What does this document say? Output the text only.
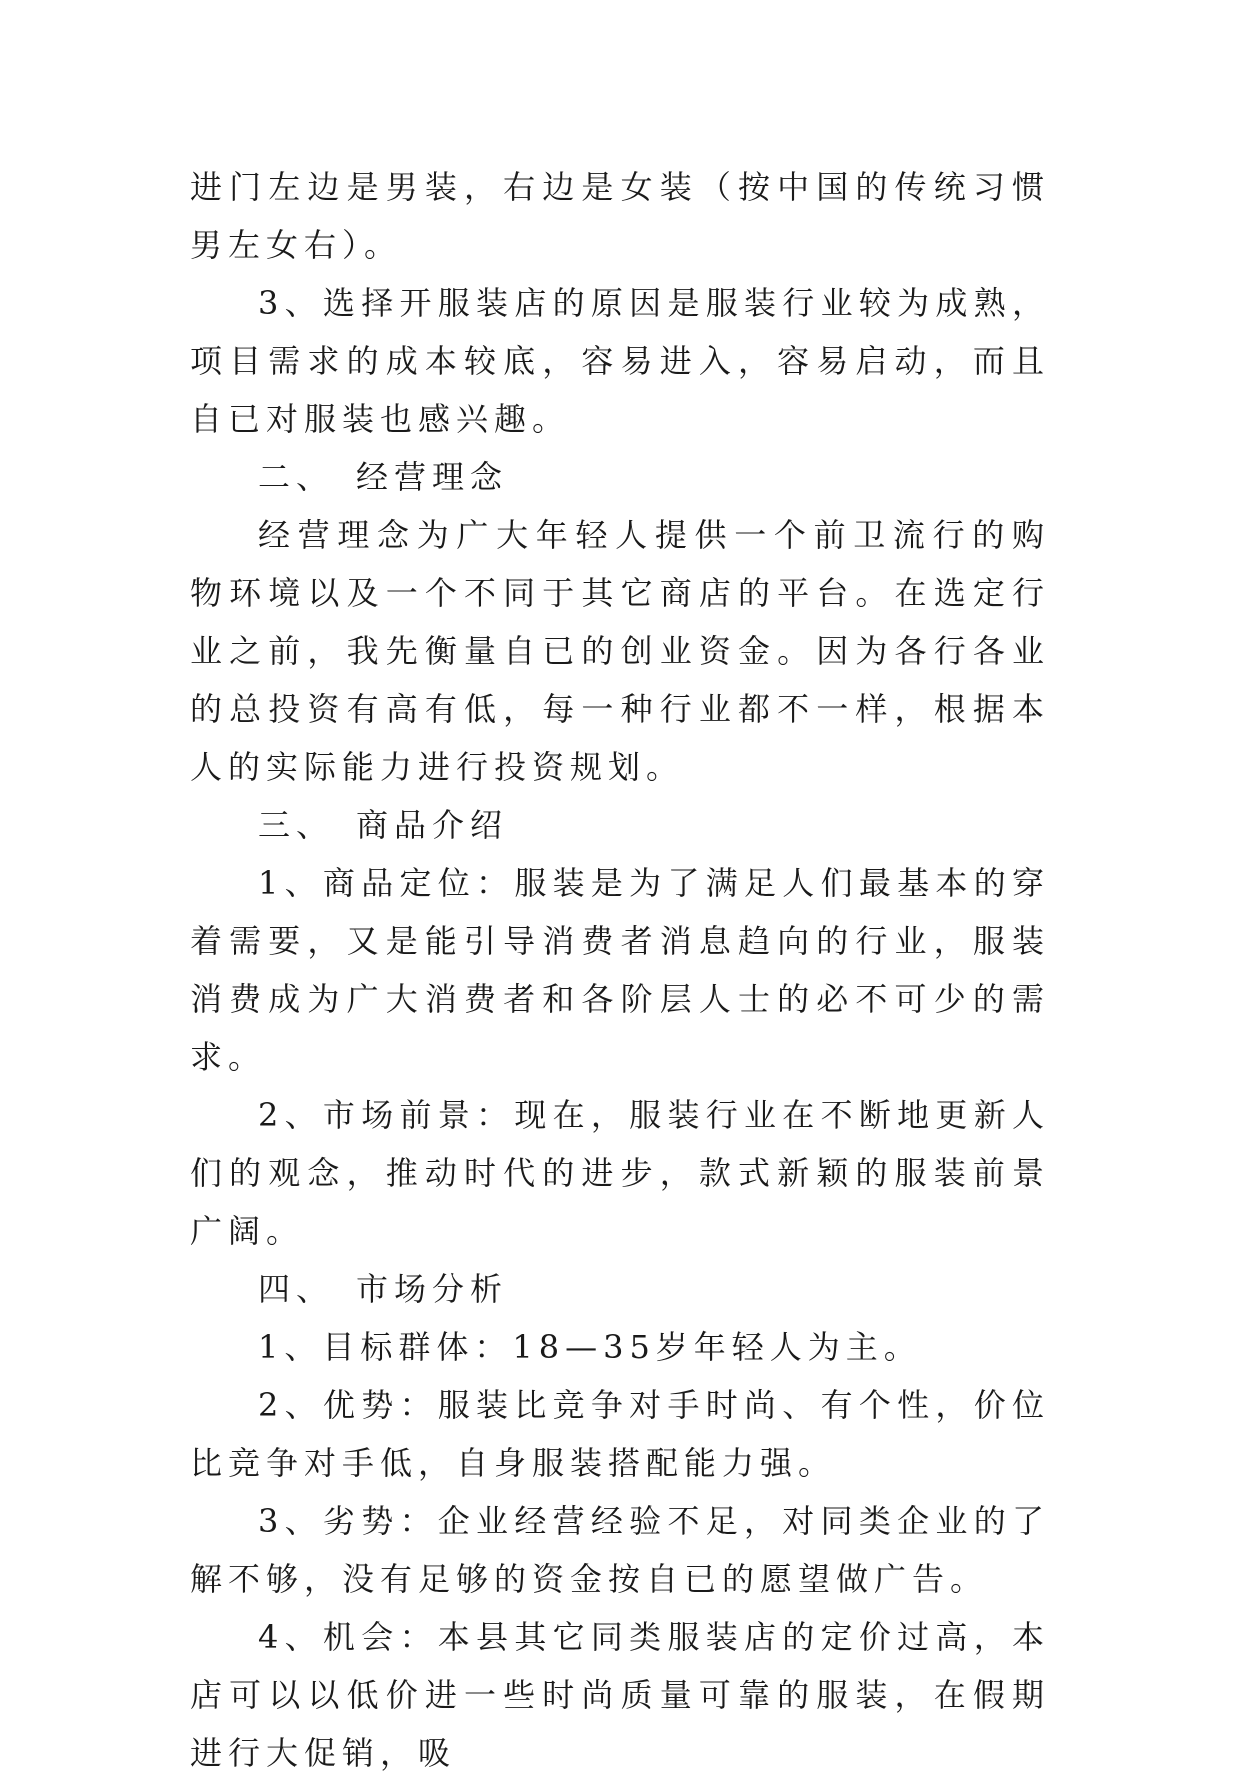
进门左边是男装，右边是女装（按中国的传统习惯男左女右）。

3、选择开服装店的原因是服装行业较为成熟，项目需求的成本较底，容易进入，容易启动，而且自已对服装也感兴趣。

二、　经营理念

经营理念为广大年轻人提供一个前卫流行的购物环境以及一个不同于其它商店的平台。在选定行业之前，我先衡量自已的创业资金。因为各行各业的总投资有高有低，每一种行业都不一样，根据本人的实际能力进行投资规划。

三、　商品介绍

1、商品定位：服装是为了满足人们最基本的穿着需要，又是能引导消费者消息趋向的行业，服装消费成为广大消费者和各阶层人士的必不可少的需求。

2、市场前景：现在，服装行业在不断地更新人们的观念，推动时代的进步，款式新颖的服装前景广阔。

四、　市场分析

1、目标群体：18—35岁年轻人为主。

2、优势：服装比竞争对手时尚、有个性，价位比竞争对手低，自身服装搭配能力强。

3、劣势：企业经营经验不足，对同类企业的了解不够，没有足够的资金按自已的愿望做广告。

4、机会：本县其它同类服装店的定价过高，本店可以以低价进一些时尚质量可靠的服装，在假期进行大促销，吸
